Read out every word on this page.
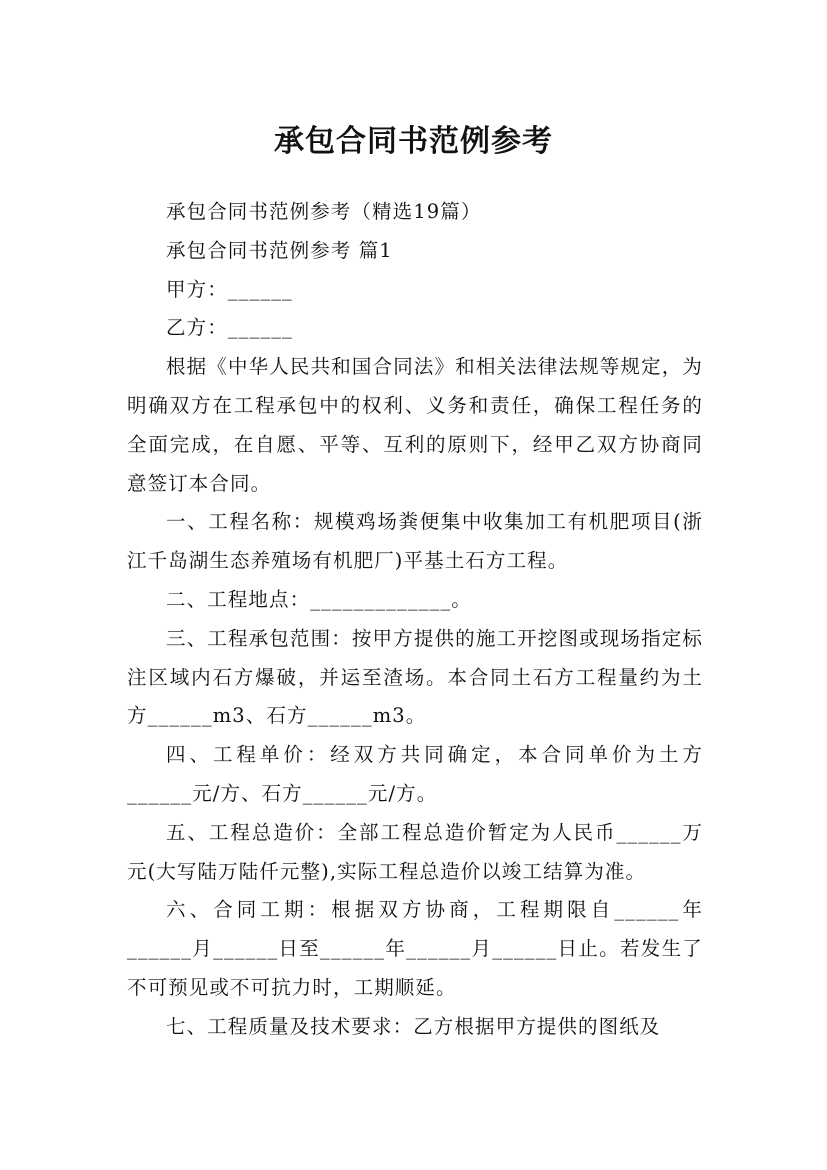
承包合同书范例参考

承包合同书范例参考（精选19篇）

承包合同书范例参考 篇1

甲方：______

乙方：______

根据《中华人民共和国合同法》和相关法律法规等规定，为明确双方在工程承包中的权利、义务和责任，确保工程任务的全面完成，在自愿、平等、互利的原则下，经甲乙双方协商同意签订本合同。

一、工程名称：规模鸡场粪便集中收集加工有机肥项目(浙江千岛湖生态养殖场有机肥厂)平基土石方工程。

二、工程地点：_____________。

三、工程承包范围：按甲方提供的施工开挖图或现场指定标注区域内石方爆破，并运至渣场。本合同土石方工程量约为土方______m3、石方______m3。

四、工程单价：经双方共同确定，本合同单价为土方______元/方、石方______元/方。

五、工程总造价：全部工程总造价暂定为人民币______万元(大写陆万陆仟元整),实际工程总造价以竣工结算为准。

六、合同工期：根据双方协商，工程期限自______年______月______日至______年______月______日止。若发生了不可预见或不可抗力时，工期顺延。

七、工程质量及技术要求：乙方根据甲方提供的图纸及
